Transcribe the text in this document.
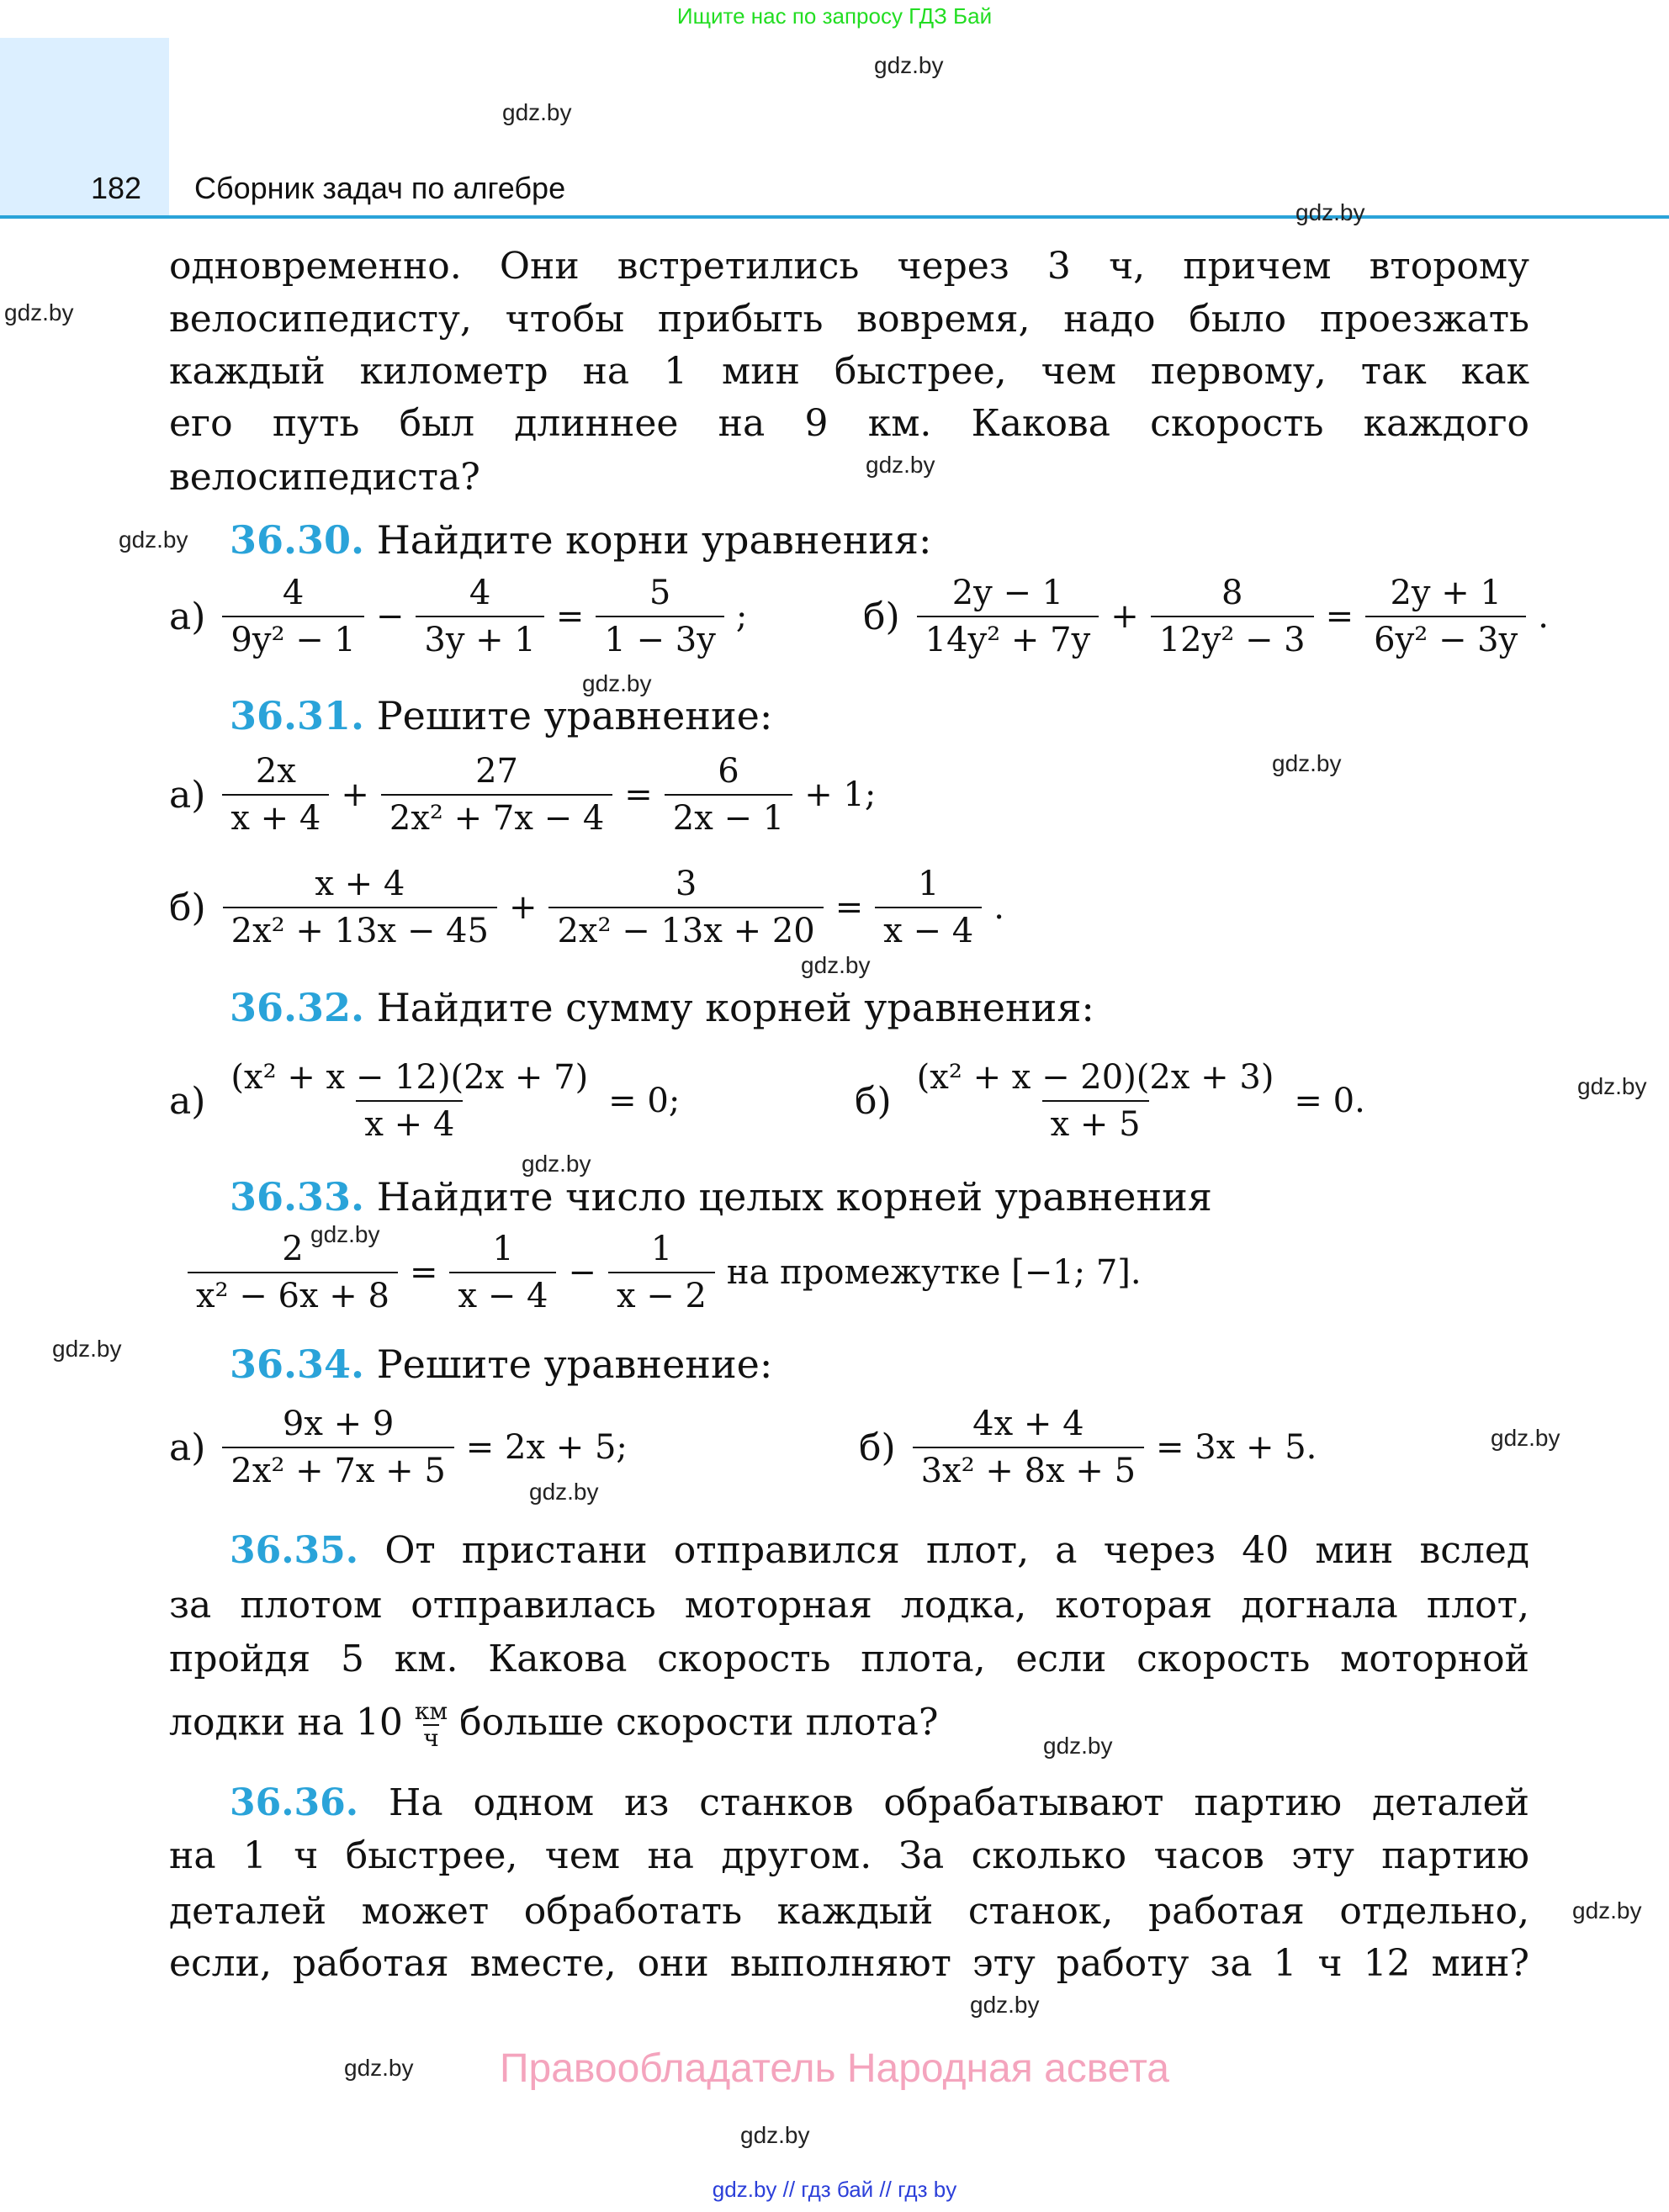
Ищите нас по запросу ГДЗ Бай
182 Сборник задач по алгебре
одновременно. Они встретились через 3 ч, причем второму
велосипедисту, чтобы прибыть вовремя, надо было проезжать
каждый километр на 1 мин быстрее, чем первому, так как
его путь был длиннее на 9 км. Какова скорость каждого
велосипедиста?
36.30. Найдите корни уравнения:
$а) \frac{4}{\text{9y² − 1}} - \frac{4}{3y + 1} = \frac{5}{1 - 3y}$ ;	$б) \frac{2y - 1}{\text{14y² + 7y}} + \frac{8}{\text{12y² − 3}} = \frac{2y + 1}{\text{6y² − 3y}}$ .
36.31. Решите уравнение:
$а) \frac{2x}{x + 4} + \frac{27}{\text{2x² + 7x − 4}} = \frac{6}{2x - 1} + 1$;
$б) \frac{x + 4}{\text{2x² + 13x − 45}} + \frac{3}{\text{2x² − 13x + 20}} = \frac{1}{x - 4}$ .
36.32. Найдите сумму корней уравнения:
$а) \frac{\text{(x² + x − 12)(2x + 7)}}{x + 4} = 0$;	$б) \frac{\text{(x² + x − 20)(2x + 3)}}{x + 5} = 0$.
36.33. Найдите число целых корней уравнения
$\frac{2}{\text{x² − 6x + 8}} = \frac{1}{x - 4} - \frac{1}{x - 2}$ на промежутке [−1; 7].
36.34. Решите уравнение:
$а) \frac{9x + 9}{\text{2x² + 7x + 5}} = 2x + 5$;	$б) \frac{4x + 4}{\text{3x² + 8x + 5}} = 3x + 5$.
36.35. От пристани отправился плот, а через 40 мин вслед
за плотом отправилась моторная лодка, которая догнала плот,
пройдя 5 км. Какова скорость плота, если скорость моторной
лодки на 10 км
ч больше скорости плота?
36.36. На одном из станков обрабатывают партию деталей
на 1 ч быстрее, чем на другом. За сколько часов эту партию
деталей может обработать каждый станок, работая отдельно,
если, работая вместе, они выполняют эту работу за 1 ч 12 мин?
gdz.by
gdz.by
gdz.by
gdz.by
gdz.by
gdz.by
gdz.by
gdz.by
gdz.by
gdz.by
gdz.by
gdz.by
gdz.by
gdz.by
gdz.by
gdz.by
gdz.by
gdz.by
gdz.by
gdz.by
Правообладатель Народная асвета
gdz.by // гдз бай // гдз by
